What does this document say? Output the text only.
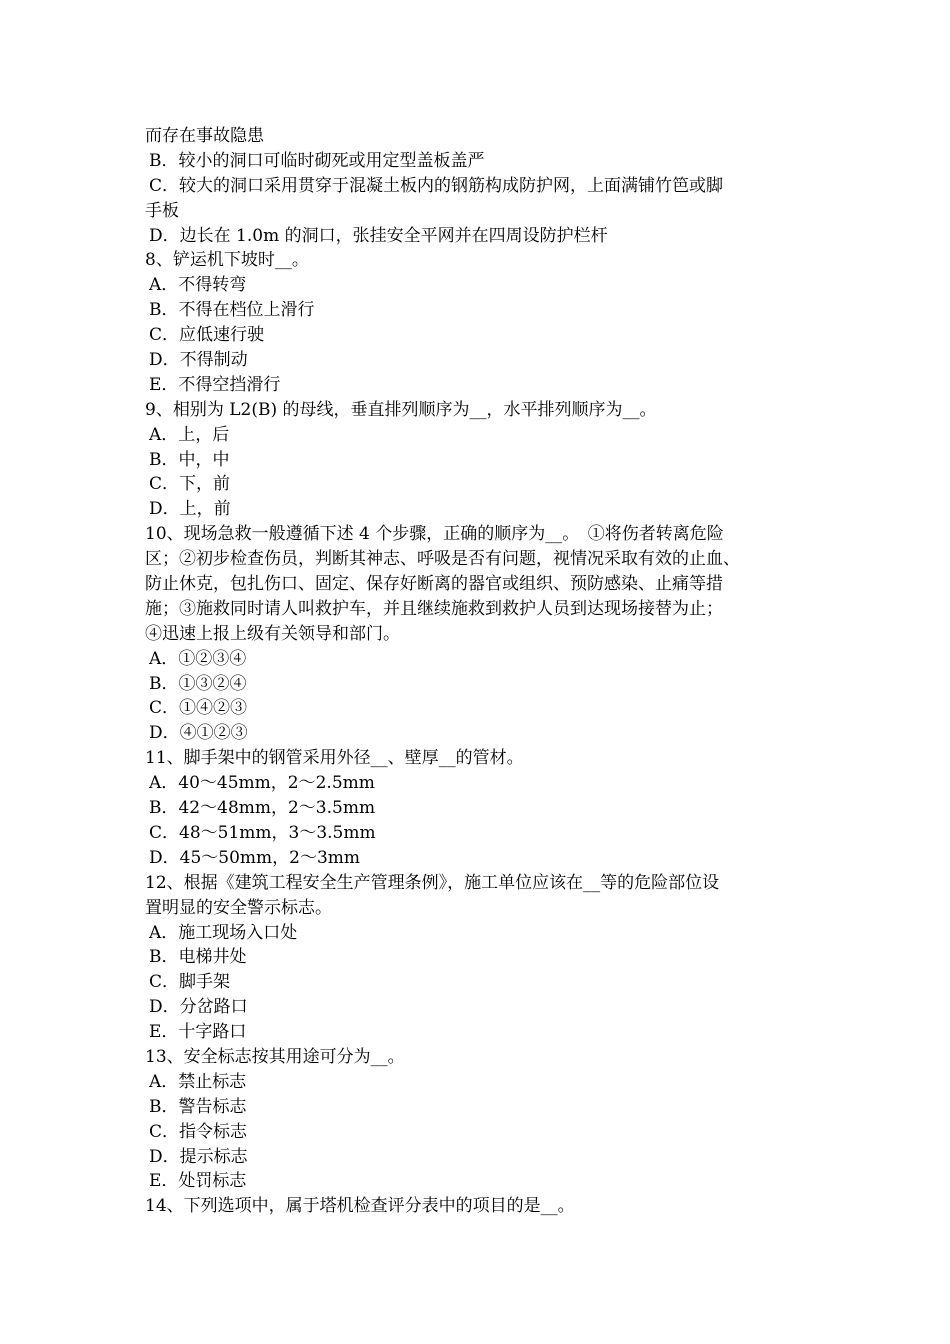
而存在事故隐患
B．较小的洞口可临时砌死或用定型盖板盖严
C．较大的洞口采用贯穿于混凝土板内的钢筋构成防护网，上面满铺竹笆或脚
手板
D．边长在 1.0m 的洞口，张挂安全平网并在四周设防护栏杆
8、铲运机下坡时__。
A．不得转弯
B．不得在档位上滑行
C．应低速行驶
D．不得制动
E．不得空挡滑行
9、相别为 L2(B) 的母线，垂直排列顺序为__，水平排列顺序为__。
A．上，后
B．中，中
C．下，前
D．上，前
10、现场急救一般遵循下述 4 个步骤，正确的顺序为__。　①将伤者转离危险
区；②初步检查伤员，判断其神志、呼吸是否有问题，视情况采取有效的止血、
防止休克，包扎伤口、固定、保存好断离的器官或组织、预防感染、止痛等措
施；③施救同时请人叫救护车，并且继续施救到救护人员到达现场接替为止；
④迅速上报上级有关领导和部门。
A．①②③④
B．①③②④
C．①④②③
D．④①②③
11、脚手架中的钢管采用外径__、壁厚__的管材。
A．40～45mm，2～2.5mm
B．42～48mm，2～3.5mm
C．48～51mm，3～3.5mm
D．45～50mm，2～3mm
12、根据《建筑工程安全生产管理条例》，施工单位应该在__等的危险部位设
置明显的安全警示标志。
A．施工现场入口处
B．电梯井处
C．脚手架
D．分岔路口
E．十字路口
13、安全标志按其用途可分为__。
A．禁止标志
B．警告标志
C．指令标志
D．提示标志
E．处罚标志
14、下列选项中，属于塔机检查评分表中的项目的是__。
